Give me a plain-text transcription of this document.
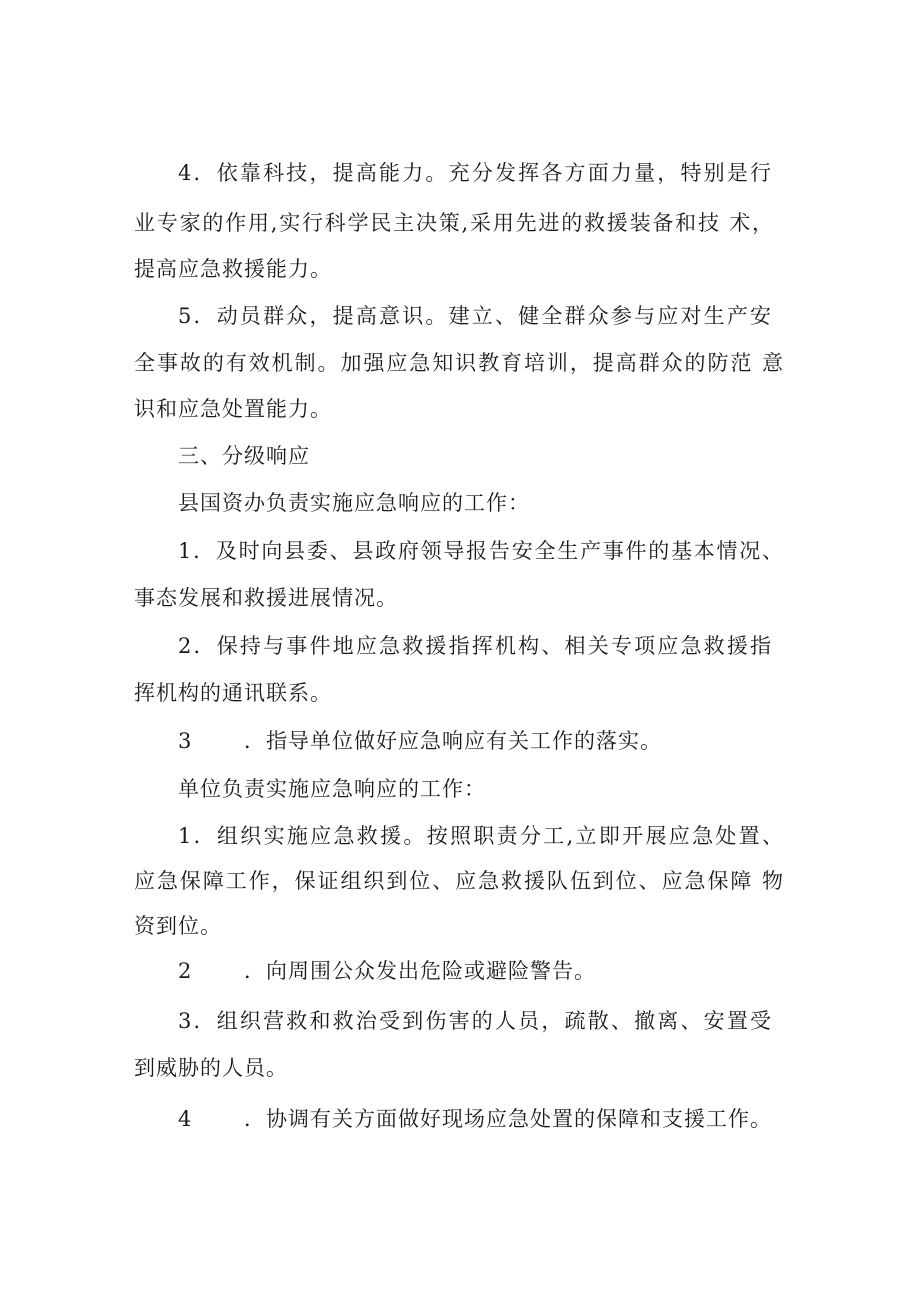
4．依靠科技，提高能力。充分发挥各方面力量，特别是行
业专家的作用,实行科学民主决策,采用先进的救援装备和技 术，
提高应急救援能力。
5．动员群众，提高意识。建立、健全群众参与应对生产安
全事故的有效机制。加强应急知识教育培训，提高群众的防范 意
识和应急处置能力。
三、分级响应
县国资办负责实施应急响应的工作：
1．及时向县委、县政府领导报告安全生产事件的基本情况、
事态发展和救援进展情况。
2．保持与事件地应急救援指挥机构、相关专项应急救援指
挥机构的通讯联系。
3 　　．指导单位做好应急响应有关工作的落实。
单位负责实施应急响应的工作：
1．组织实施应急救援。按照职责分工,立即开展应急处置、
应急保障工作，保证组织到位、应急救援队伍到位、应急保障 物
资到位。
2 　　．向周围公众发出危险或避险警告。
3．组织营救和救治受到伤害的人员，疏散、撤离、安置受
到威胁的人员。
4 　　．协调有关方面做好现场应急处置的保障和支援工作。
